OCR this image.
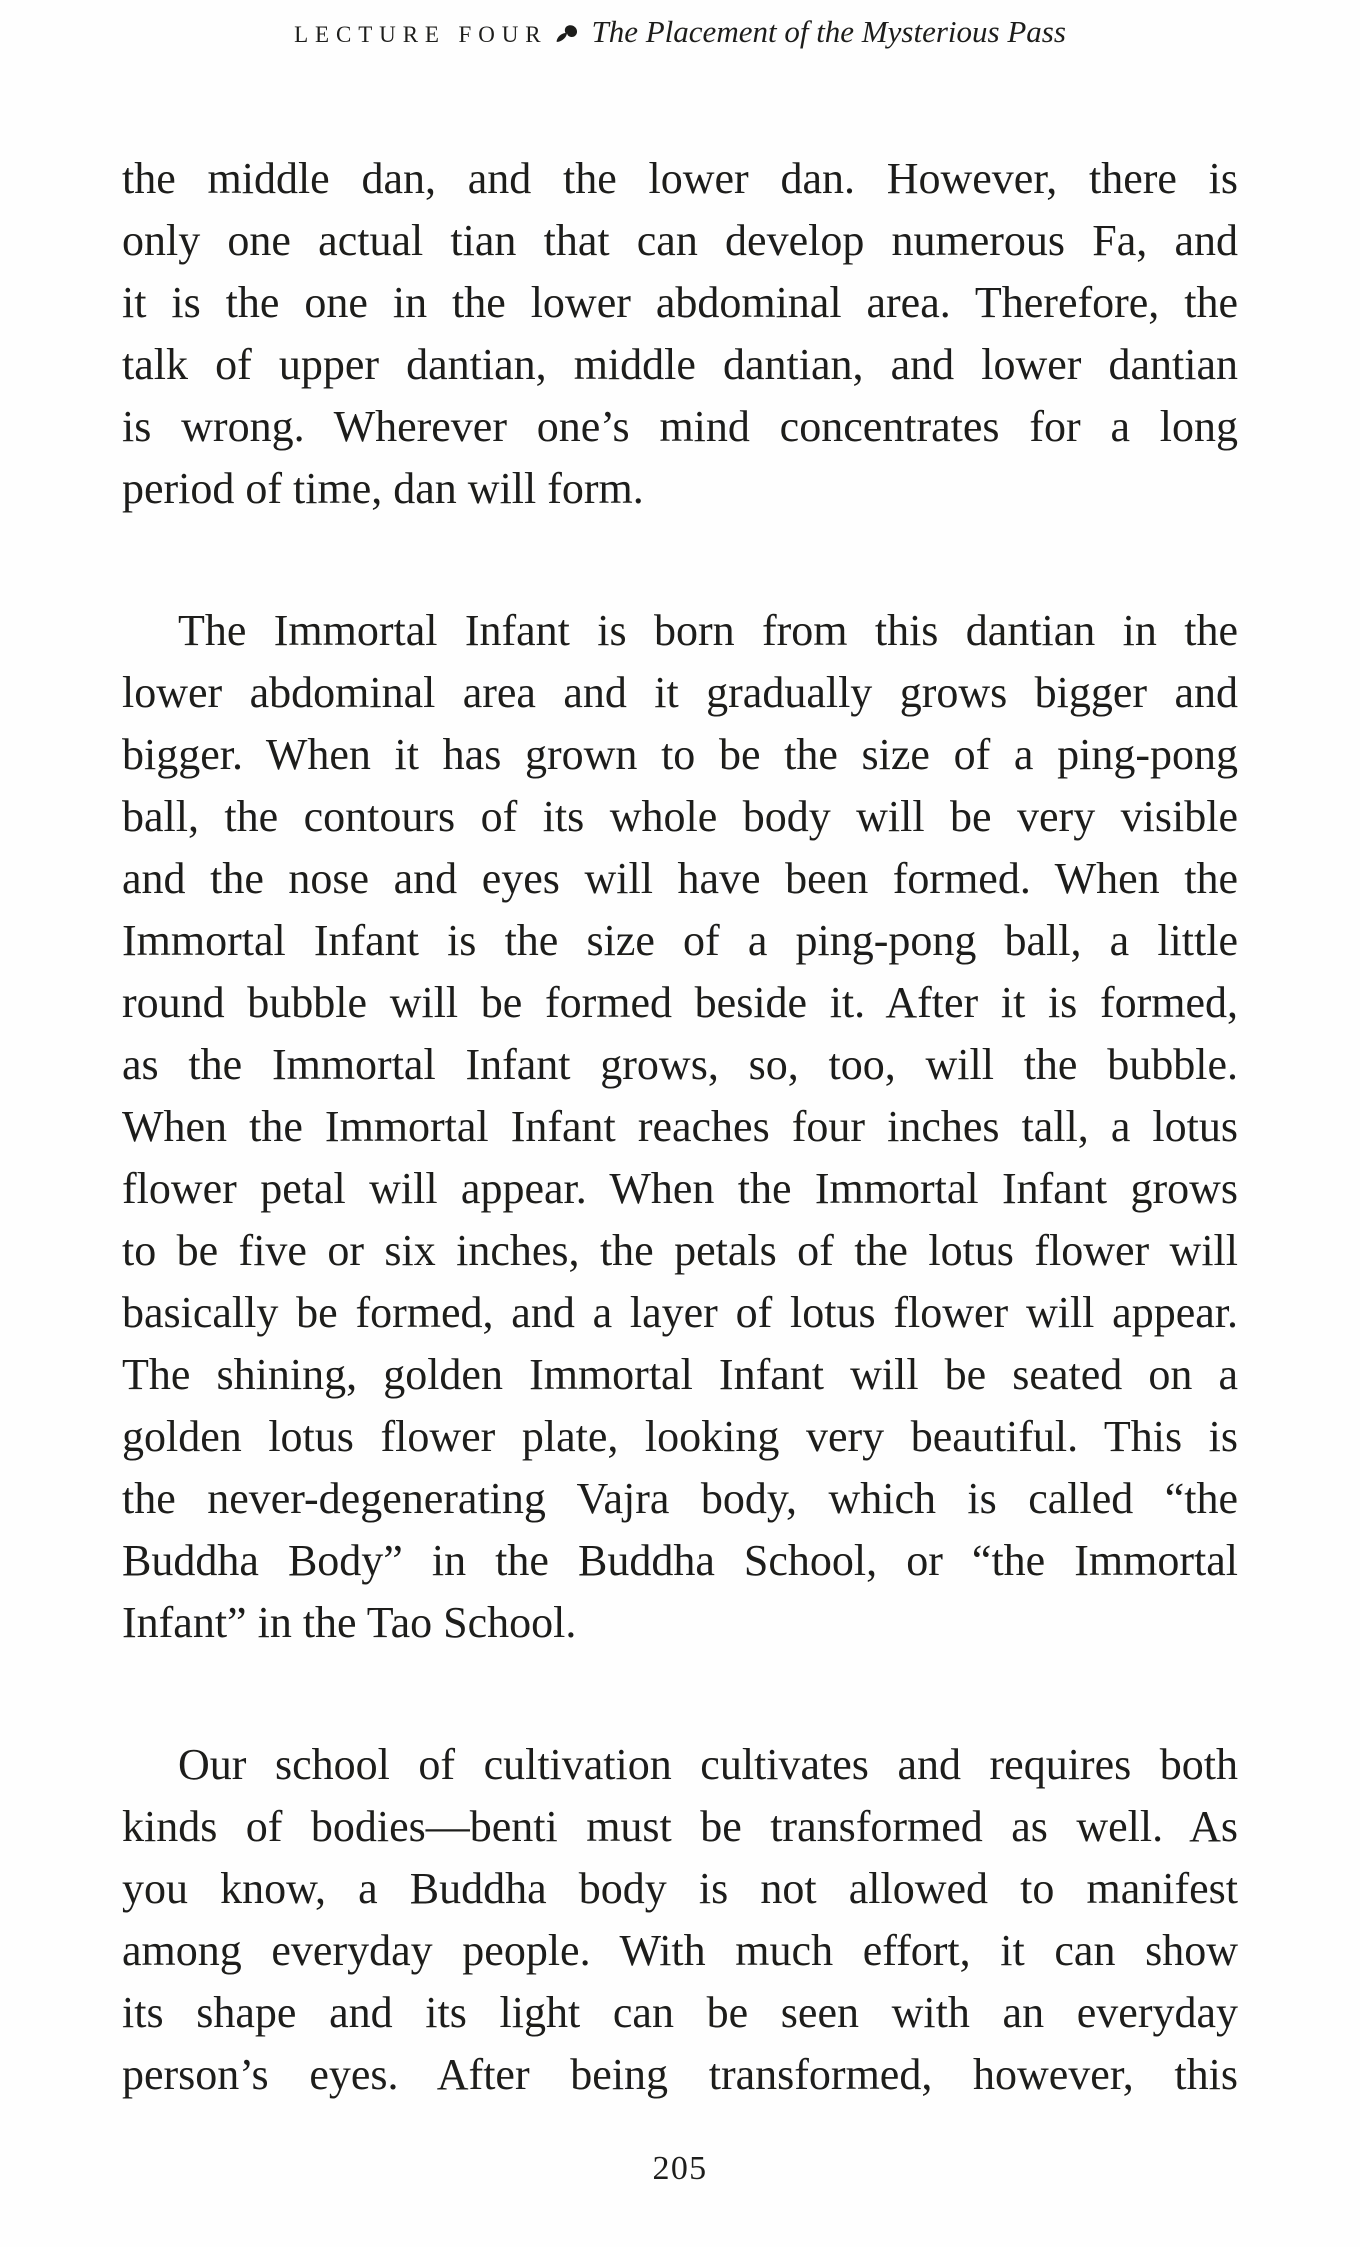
LECTURE FOUR The Placement of the Mysterious Pass
the middle dan, and the lower dan. However, there is
only one actual tian that can develop numerous Fa, and
it is the one in the lower abdominal area. Therefore, the
talk of upper dantian, middle dantian, and lower dantian
is wrong. Wherever one’s mind concentrates for a long
period of time, dan will form.
The Immortal Infant is born from this dantian in the
lower abdominal area and it gradually grows bigger and
bigger. When it has grown to be the size of a ping-pong
ball, the contours of its whole body will be very visible
and the nose and eyes will have been formed. When the
Immortal Infant is the size of a ping-pong ball, a little
round bubble will be formed beside it. After it is formed,
as the Immortal Infant grows, so, too, will the bubble.
When the Immortal Infant reaches four inches tall, a lotus
flower petal will appear. When the Immortal Infant grows
to be five or six inches, the petals of the lotus flower will
basically be formed, and a layer of lotus flower will appear.
The shining, golden Immortal Infant will be seated on a
golden lotus flower plate, looking very beautiful. This is
the never-degenerating Vajra body, which is called “the
Buddha Body” in the Buddha School, or “the Immortal
Infant” in the Tao School.
Our school of cultivation cultivates and requires both
kinds of bodies—benti must be transformed as well. As
you know, a Buddha body is not allowed to manifest
among everyday people. With much effort, it can show
its shape and its light can be seen with an everyday
person’s eyes. After being transformed, however, this
205
